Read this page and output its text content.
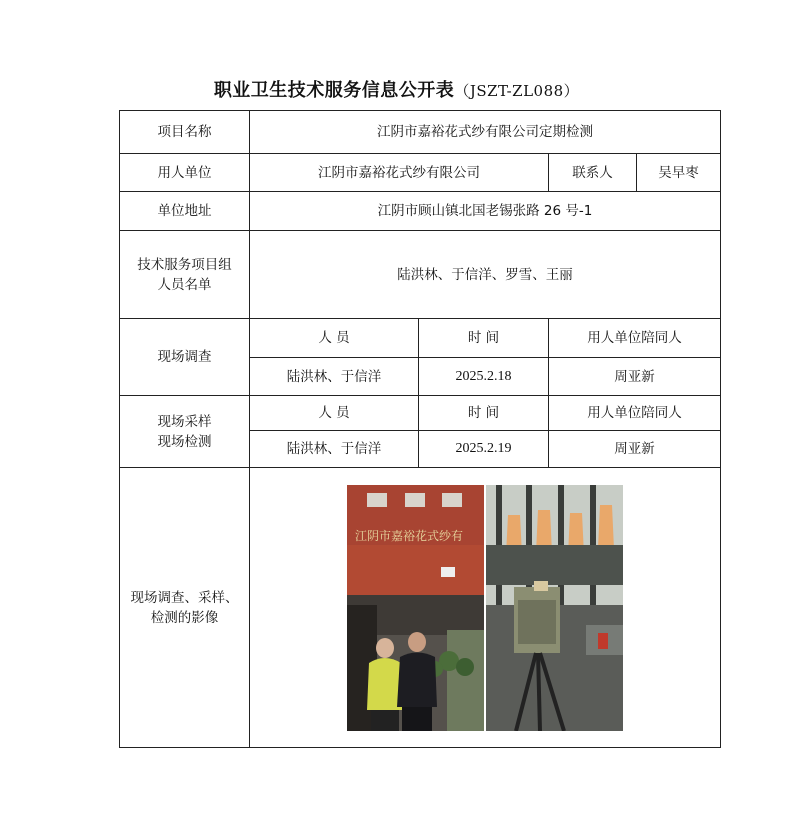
职业卫生技术服务信息公开表（JSZT-ZL088）
项目名称	江阴市嘉裕花式纱有限公司定期检测			
用人单位	江阴市嘉裕花式纱有限公司		联系人	吴早枣
单位地址	江阴市顾山镇北国老锡张路 26 号-1			

技术服务项目组
人员名单	陆洪林、于信洋、罗雪、王丽			
现场调查	人 员	时 间	用人单位陪同人	
	陆洪林、于信洋	2025.2.18	周亚新	

现场采样
现场检测	人 员	时 间	用人单位陪同人	
	陆洪林、于信洋	2025.2.19	周亚新	

现场调查、采样、
检测的影像	江阴市嘉裕花式纱有			
